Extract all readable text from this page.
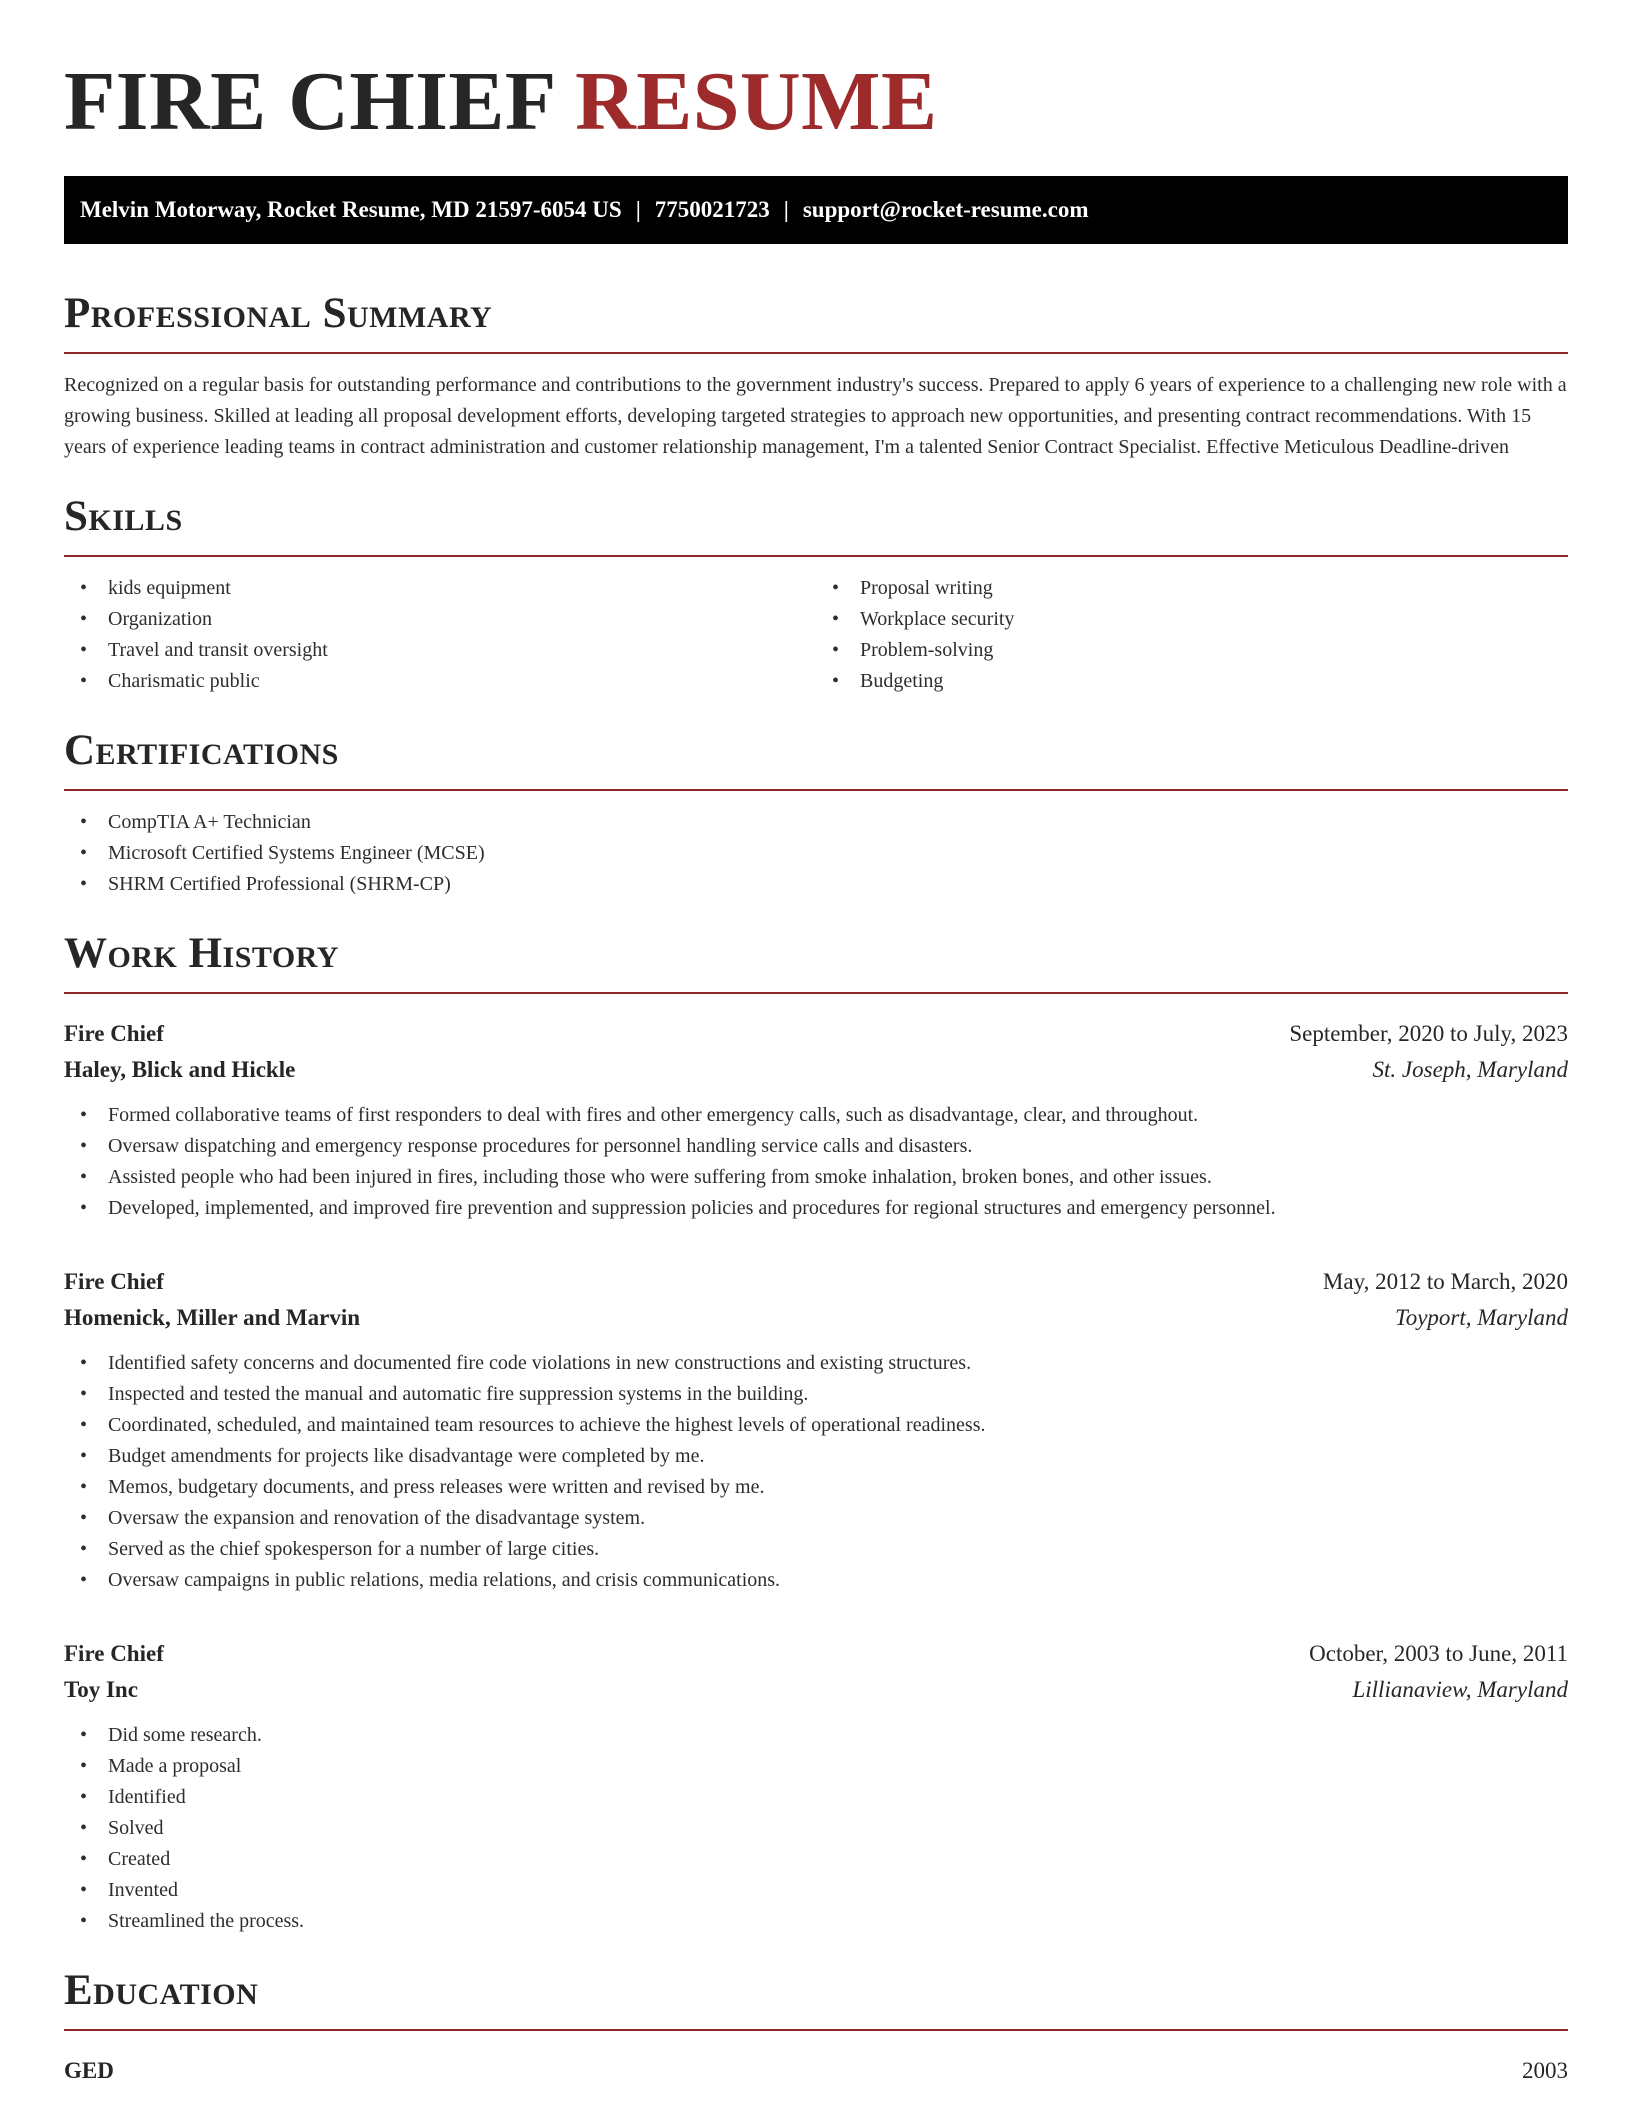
FIRE CHIEF RESUME
Melvin Motorway, Rocket Resume, MD 21597-6054 US | 7750021723 | support@rocket-resume.com
Professional Summary

Recognized on a regular basis for outstanding performance and contributions to the government industry's success. Prepared to apply 6 years of experience to a challenging new role with a growing business. Skilled at leading all proposal development efforts, developing targeted strategies to approach new opportunities, and presenting contract recommendations. With 15 years of experience leading teams in contract administration and customer relationship management, I'm a talented Senior Contract Specialist. Effective Meticulous Deadline-driven

Skills
• kids equipment
• Organization
• Travel and transit oversight
• Charismatic public
• Proposal writing
• Workplace security
• Problem-solving
• Budgeting
Certifications
• CompTIA A+ Technician
• Microsoft Certified Systems Engineer (MCSE)
• SHRM Certified Professional (SHRM-CP)
Work History
Fire Chief	September, 2020 to July, 2023
Haley, Blick and Hickle	St. Joseph, Maryland
• Formed collaborative teams of first responders to deal with fires and other emergency calls, such as disadvantage, clear, and throughout.
• Oversaw dispatching and emergency response procedures for personnel handling service calls and disasters.
• Assisted people who had been injured in fires, including those who were suffering from smoke inhalation, broken bones, and other issues.
• Developed, implemented, and improved fire prevention and suppression policies and procedures for regional structures and emergency personnel.
Fire Chief	May, 2012 to March, 2020
Homenick, Miller and Marvin	Toyport, Maryland
• Identified safety concerns and documented fire code violations in new constructions and existing structures.
• Inspected and tested the manual and automatic fire suppression systems in the building.
• Coordinated, scheduled, and maintained team resources to achieve the highest levels of operational readiness.
• Budget amendments for projects like disadvantage were completed by me.
• Memos, budgetary documents, and press releases were written and revised by me.
• Oversaw the expansion and renovation of the disadvantage system.
• Served as the chief spokesperson for a number of large cities.
• Oversaw campaigns in public relations, media relations, and crisis communications.
Fire Chief	October, 2003 to June, 2011
Toy Inc	Lillianaview, Maryland
• Did some research.
• Made a proposal
• Identified
• Solved
• Created
• Invented
• Streamlined the process.
Education
GED	2003
